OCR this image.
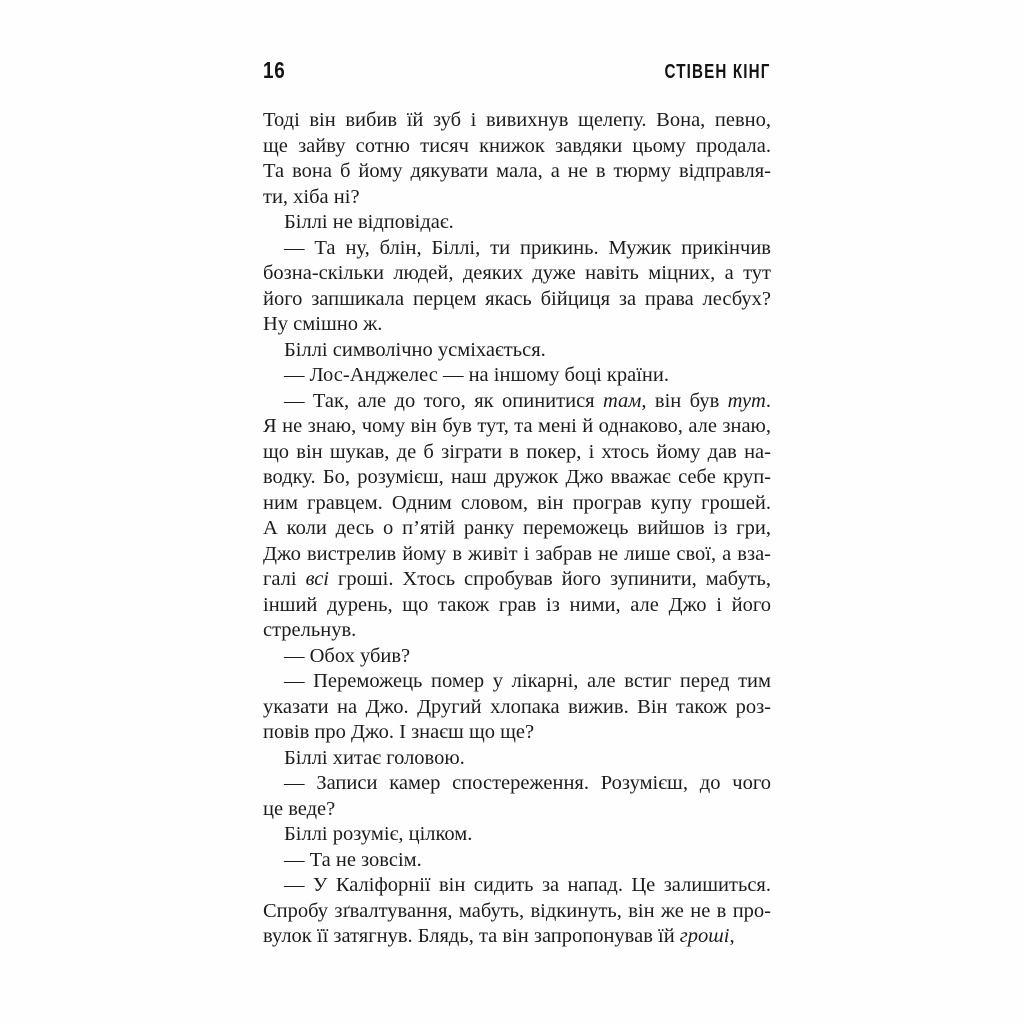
16	СТІВЕН КІНГ
Тоді він вибив їй зуб і вивихнув щелепу. Вона, певно,
ще зайву сотню тисяч книжок завдяки цьому продала.
Та вона б йому дякувати мала, а не в тюрму відправля-
ти, хіба ні?
Біллі не відповідає.
— Та ну, блін, Біллі, ти прикинь. Мужик прикінчив
бозна-скільки людей, деяких дуже навіть міцних, а тут
його запшикала перцем якась бійциця за права лесбух?
Ну смішно ж.
Біллі символічно усміхається.
— Лос-Анджелес — на іншому боці країни.
— Так, але до того, як опинитися там, він був тут.
Я не знаю, чому він був тут, та мені й однаково, але знаю,
що він шукав, де б зіграти в покер, і хтось йому дав на-
водку. Бо, розумієш, наш дружок Джо вважає себе круп-
ним гравцем. Одним словом, він програв купу грошей.
А коли десь о п’ятій ранку переможець вийшов із гри,
Джо вистрелив йому в живіт і забрав не лише свої, а вза-
галі всі гроші. Хтось спробував його зупинити, мабуть,
інший дурень, що також грав із ними, але Джо і його
стрельнув.
— Обох убив?
— Переможець помер у лікарні, але встиг перед тим
указати на Джо. Другий хлопака вижив. Він також роз-
повів про Джо. І знаєш що ще?
Біллі хитає головою.
— Записи камер спостереження. Розумієш, до чого
це веде?
Біллі розуміє, цілком.
— Та не зовсім.
— У Каліфорнії він сидить за напад. Це залишиться.
Спробу зґвалтування, мабуть, відкинуть, він же не в про-
вулок її затягнув. Блядь, та він запропонував їй гроші,
